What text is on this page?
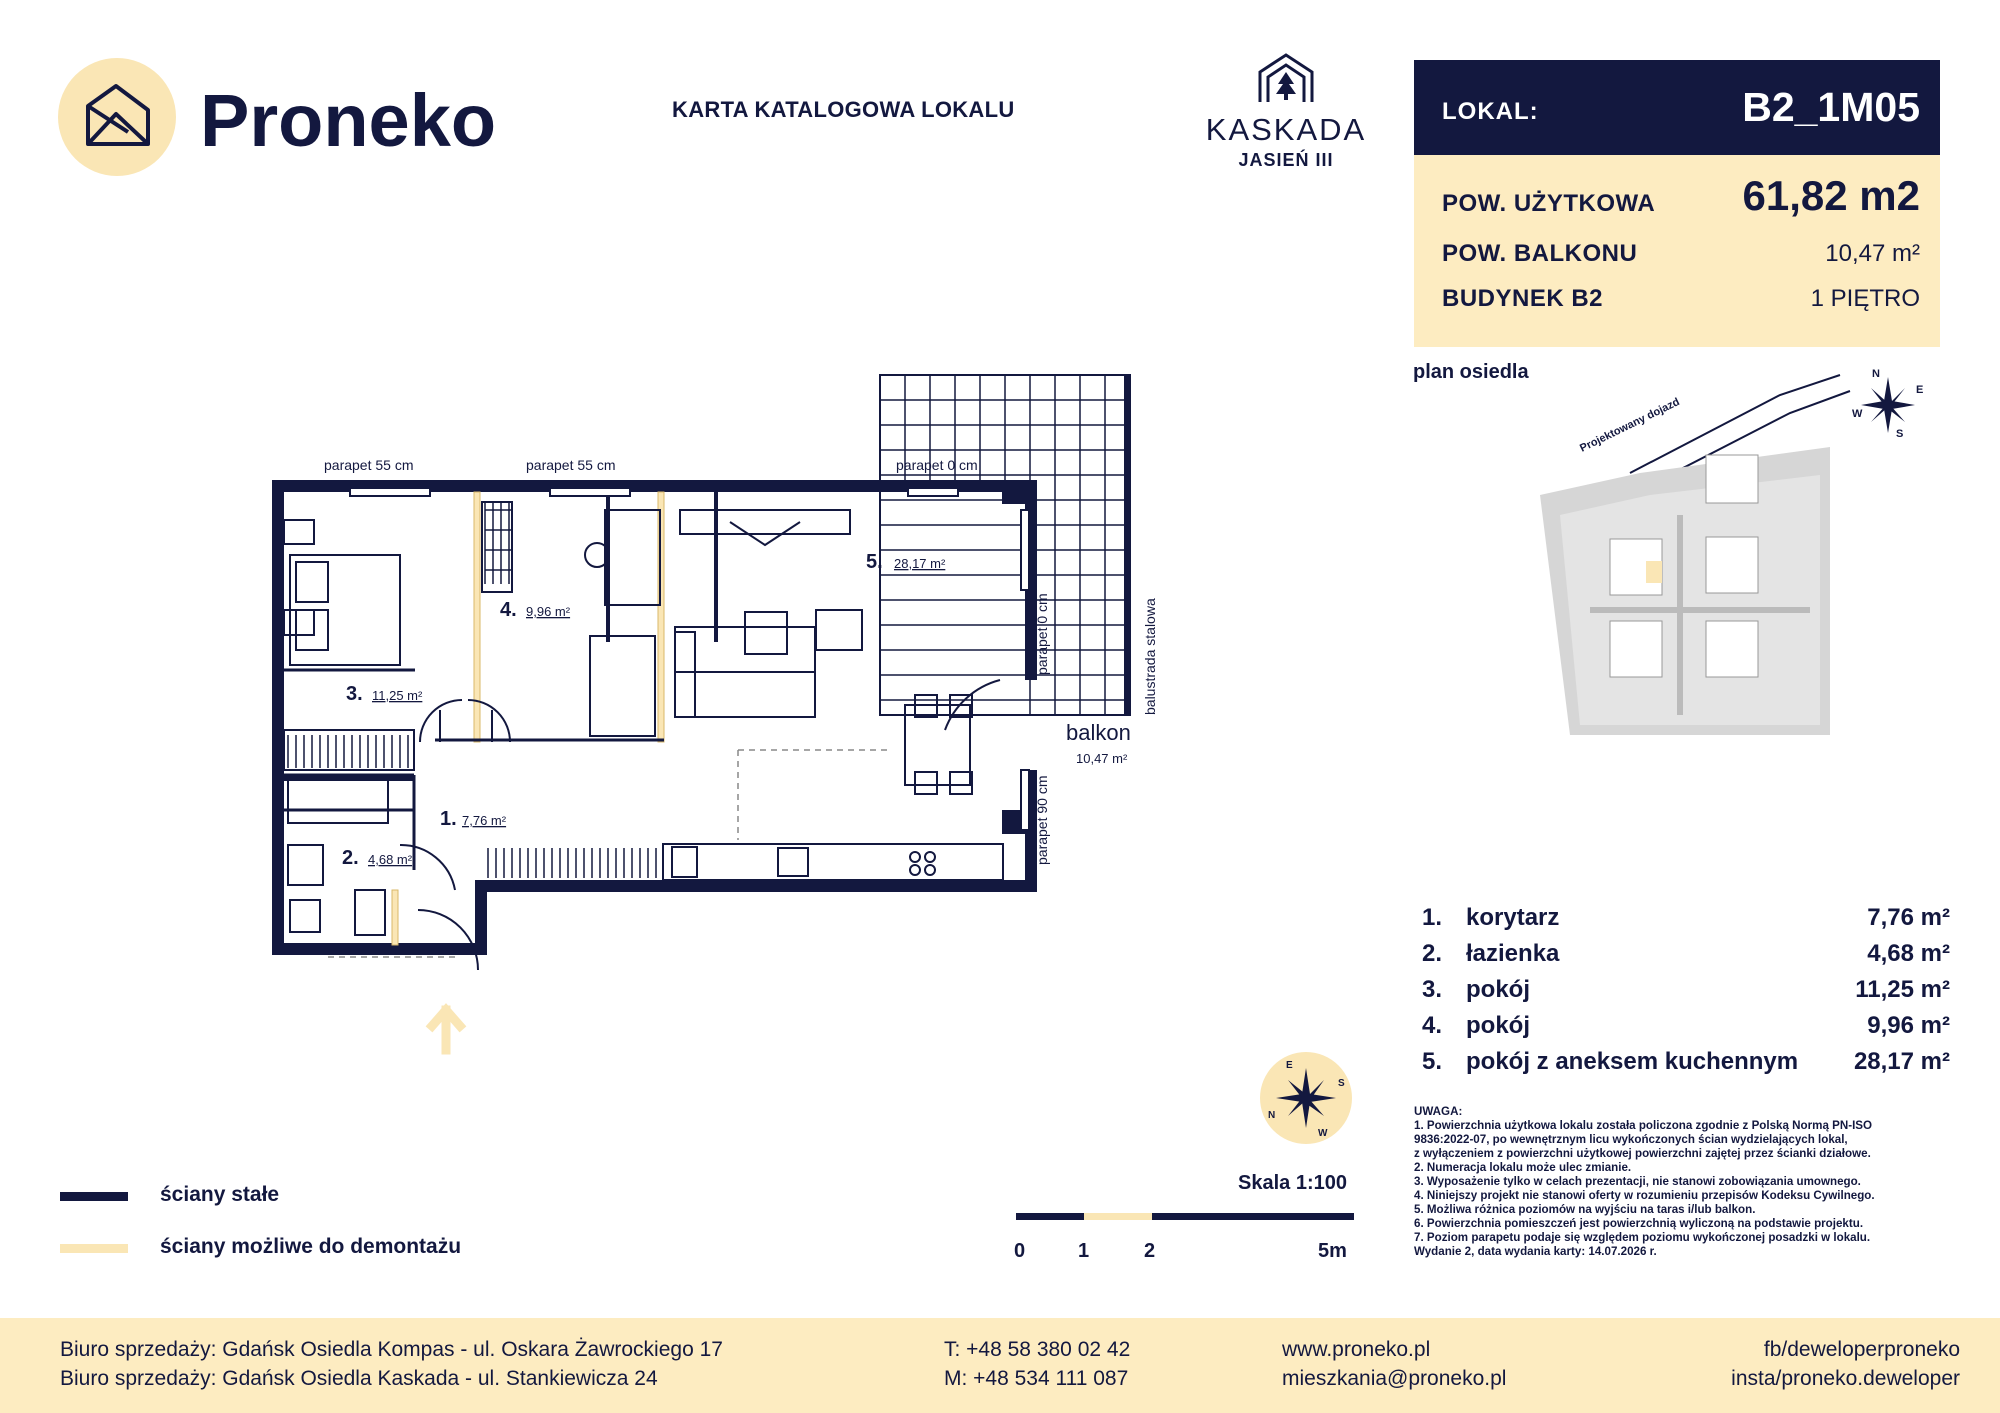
Proneko	KARTA KATALOGOWA LOKALU
KASKADA
JASIEŃ III
LOKAL:	B2_1M05
POW. UŻYTKOWA 61,82 m2
POW. BALKONU	10,47 m²
BUDYNEK B2	1 PIĘTRO
plan osiedla	N
E
S
W
Projektowany dojazd
parapet 55 cm	parapet 55 cm	parapet 0 cm
parapet 0 cm
parapet 90 cm
balustrada stalowa
balkon
10,47 m²
1. 7,76 m²
2. 4,68 m²
3. 11,25 m²
4. 9,96 m²
5. 28,17 m²
E
S
W
N
1. korytarz	7,76 m²
2. łazienka	4,68 m²
3. pokój	11,25 m²
4. pokój	9,96 m²
5. pokój z aneksem kuchennym 28,17 m²
UWAGA:
1. Powierzchnia użytkowa lokalu została policzona zgodnie z Polską Normą PN-ISO
9836:2022-07, po wewnętrznym licu wykończonych ścian wydzielających lokal,
z wyłączeniem z powierzchni użytkowej powierzchni zajętej przez ścianki działowe.
2. Numeracja lokalu może ulec zmianie.
3. Wyposażenie tylko w celach prezentacji, nie stanowi zobowiązania umownego.
4. Niniejszy projekt nie stanowi oferty w rozumieniu przepisów Kodeksu Cywilnego.
5. Możliwa różnica poziomów na wyjściu na taras i/lub balkon.
6. Powierzchnia pomieszczeń jest powierzchnią wyliczoną na podstawie projektu.
7. Poziom parapetu podaje się względem poziomu wykończonej posadzki w lokalu.
Wydanie 2, data wydania karty: 14.07.2026 r.
ściany stałe
ściany możliwe do demontażu
Skala 1:100
0	1	2	5m
Biuro sprzedaży: Gdańsk Osiedla Kompas - ul. Oskara Żawrockiego 17
Biuro sprzedaży: Gdańsk Osiedla Kaskada - ul. Stankiewicza 24
T: +48 58 380 02 42
M: +48 534 111 087
www.proneko.pl
mieszkania@proneko.pl
fb/deweloperproneko
insta/proneko.deweloper
